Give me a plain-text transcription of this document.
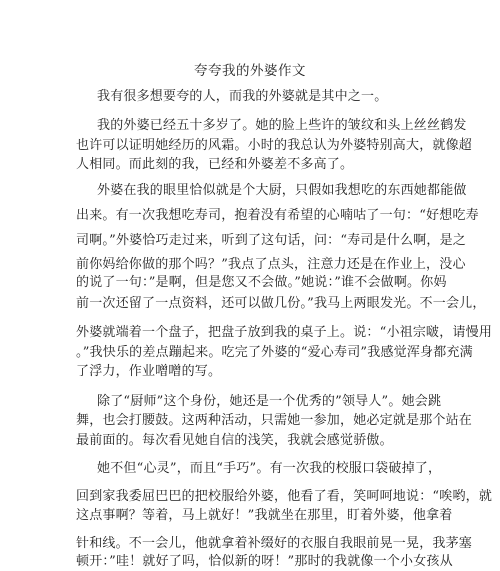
夸夸我的外婆作文
我有很多想要夸的人，而我的外婆就是其中之一。
我的外婆已经五十多岁了。她的脸上些许的皱纹和头上丝丝鹤发
也许可以证明她经历的风霜。小时的我总认为外婆特别高大，就像超
人相同。而此刻的我，已经和外婆差不多高了。
外婆在我的眼里恰似就是个大厨，只假如我想吃的东西她都能做
出来。有一次我想吃寿司，抱着没有希望的心喃咕了一句：“好想吃寿
司啊。”外婆恰巧走过来，听到了这句话，问：“寿司是什么啊，是之
前你妈给你做的那个吗？”我点了点头，注意力还是在作业上，没心
的说了一句：”是啊，但是您又不会做。”她说：”谁不会做啊。你妈
前一次还留了一点资料，还可以做几份。”我马上两眼发光。不一会儿，
外婆就端着一个盘子，把盘子放到我的桌子上。说：“小祖宗啵，请慢用
。”我快乐的差点蹦起来。吃完了外婆的“爱心寿司”我感觉浑身都充满
了浮力，作业噌噌的写。
除了“厨师”这个身份，她还是一个优秀的”领导人”。她会跳
舞，也会打腰鼓。这两种活动，只需她一参加，她必定就是那个站在
最前面的。每次看见她自信的浅笑，我就会感觉骄傲。
她不但“心灵”，而且“手巧”。有一次我的校服口袋破掉了，
回到家我委屈巴巴的把校服给外婆，他看了看，笑呵呵地说：“唉哟，就
这点事啊？等着，马上就好！”我就坐在那里，盯着外婆，他拿着
针和线。不一会儿，他就拿着补缀好的衣服自我眼前晃一晃，我茅塞
顿开：”哇！就好了吗，恰似新的呀！”那时的我就像一个小女孩从
